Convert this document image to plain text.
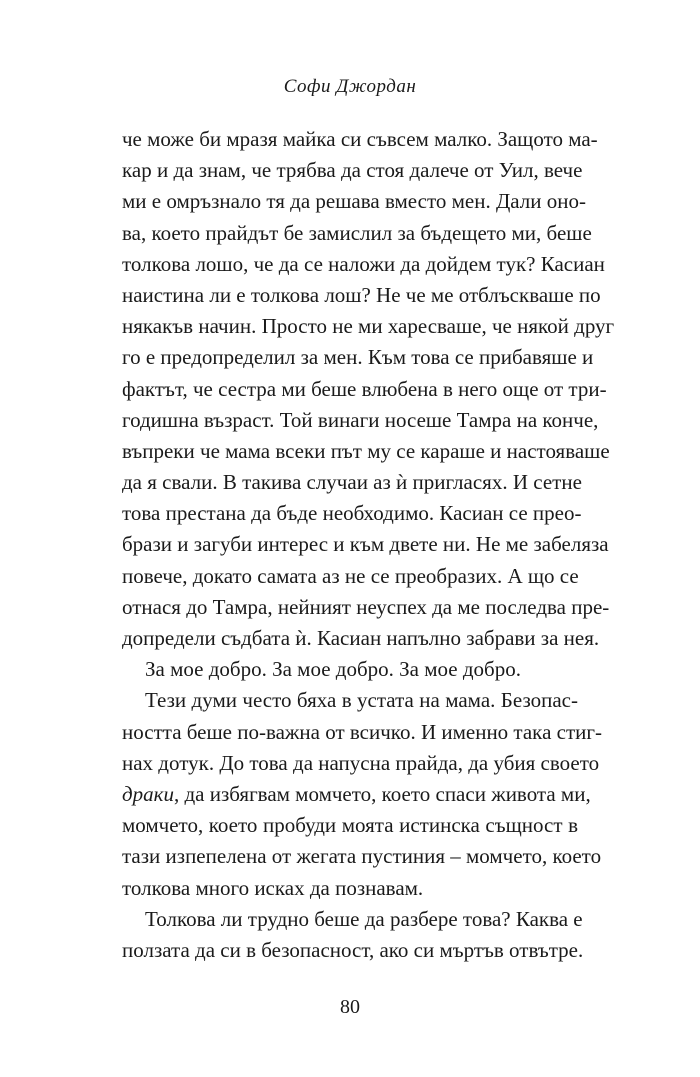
Софи Джордан
че може би мразя майка си съвсем малко. Защото ма-
кар и да знам, че трябва да стоя далече от Уил, вече
ми е омръзнало тя да решава вместо мен. Дали оно-
ва, което прайдът бе замислил за бъдещето ми, беше
толкова лошо, че да се наложи да дойдем тук? Касиан
наистина ли е толкова лош? Не че ме отблъскваше по
някакъв начин. Просто не ми харесваше, че някой друг
го е предопределил за мен. Към това се прибавяше и
фактът, че сестра ми беше влюбена в него още от три-
годишна възраст. Той винаги носеше Тамра на конче,
въпреки че мама всеки път му се караше и настояваше
да я свали. В такива случаи аз ѝ пригласях. И сетне
това престана да бъде необходимо. Касиан се прео-
брази и загуби интерес и към двете ни. Не ме забеляза
повече, докато самата аз не се преобразих. А що се
отнася до Тамра, нейният неуспех да ме последва пре-
допредели съдбата ѝ. Касиан напълно забрави за нея.
За мое добро. За мое добро. За мое добро.
Тези думи често бяха в устата на мама. Безопас-
ността беше по-важна от всичко. И именно така стиг-
нах дотук. До това да напусна прайда, да убия своето
драки, да избягвам момчето, което спаси живота ми,
момчето, което пробуди моята истинска същност в
тази изпепелена от жегата пустиния – момчето, което
толкова много исках да познавам.
Толкова ли трудно беше да разбере това? Каква е
ползата да си в безопасност, ако си мъртъв отвътре.
80
